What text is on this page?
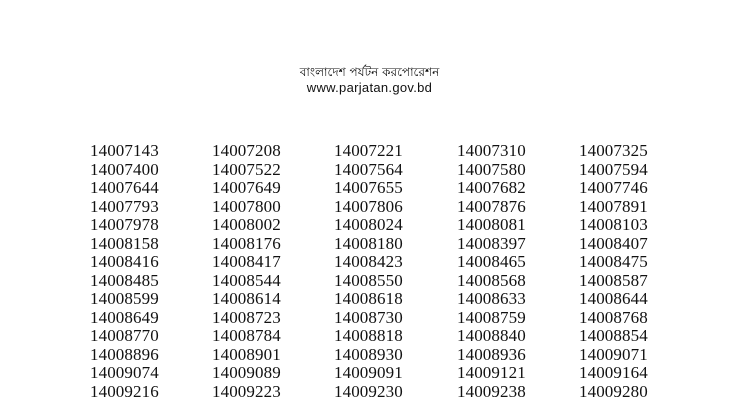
বাংলাদেশ পর্যটন করপোরেশন
www.parjatan.gov.bd
14007143	14007208	14007221	14007310	14007325
14007400	14007522	14007564	14007580	14007594
14007644	14007649	14007655	14007682	14007746
14007793	14007800	14007806	14007876	14007891
14007978	14008002	14008024	14008081	14008103
14008158	14008176	14008180	14008397	14008407
14008416	14008417	14008423	14008465	14008475
14008485	14008544	14008550	14008568	14008587
14008599	14008614	14008618	14008633	14008644
14008649	14008723	14008730	14008759	14008768
14008770	14008784	14008818	14008840	14008854
14008896	14008901	14008930	14008936	14009071
14009074	14009089	14009091	14009121	14009164
14009216	14009223	14009230	14009238	14009280
